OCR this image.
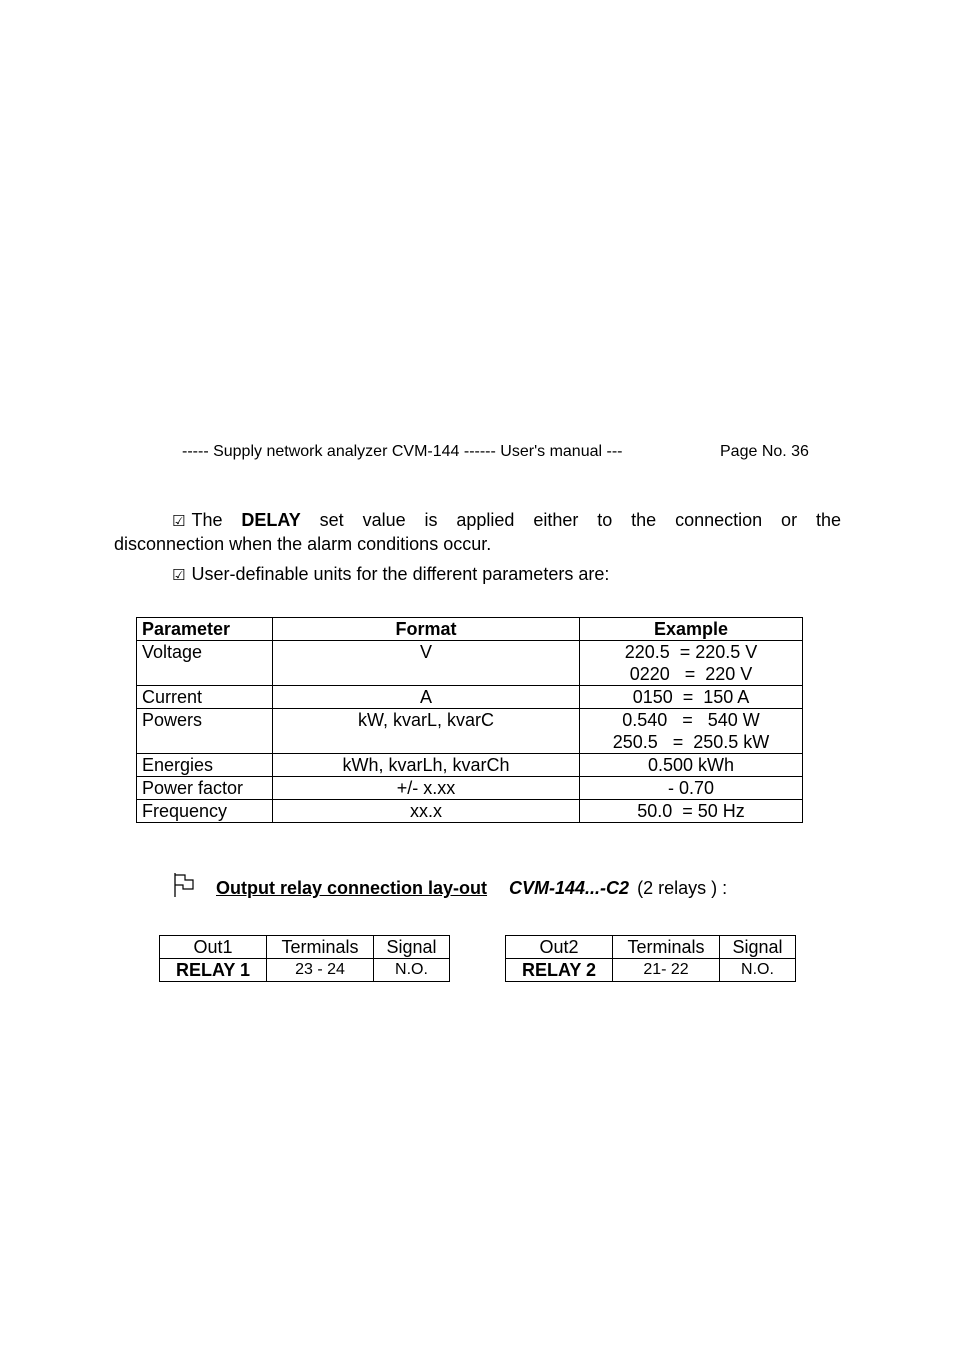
----- Supply network analyzer CVM-144 ------ User's manual ---	Page No. 36
☑ The DELAY set value is applied either to the connection or the
disconnection when the alarm conditions occur.
☑ User-definable units for the different parameters are:
Parameter	Format	Example
Voltage	V	220.5  = 220.5 V
0220   =  220 V

Current	A	0150  =  150 A

Powers	kW, kvarL, kvarC	0.540   =   540 W
250.5   =  250.5 kW

Energies	kWh, kvarLh, kvarCh	0.500 kWh

Power factor	+/- x.xx	- 0.70

Frequency	xx.x	50.0  = 50 Hz
Output relay connection lay-out CVM-144...-C2 (2 relays ) :
Out1	Terminals	Signal
RELAY 1	23 - 24	N.O.
Out2	Terminals	Signal
RELAY 2	21- 22	N.O.
